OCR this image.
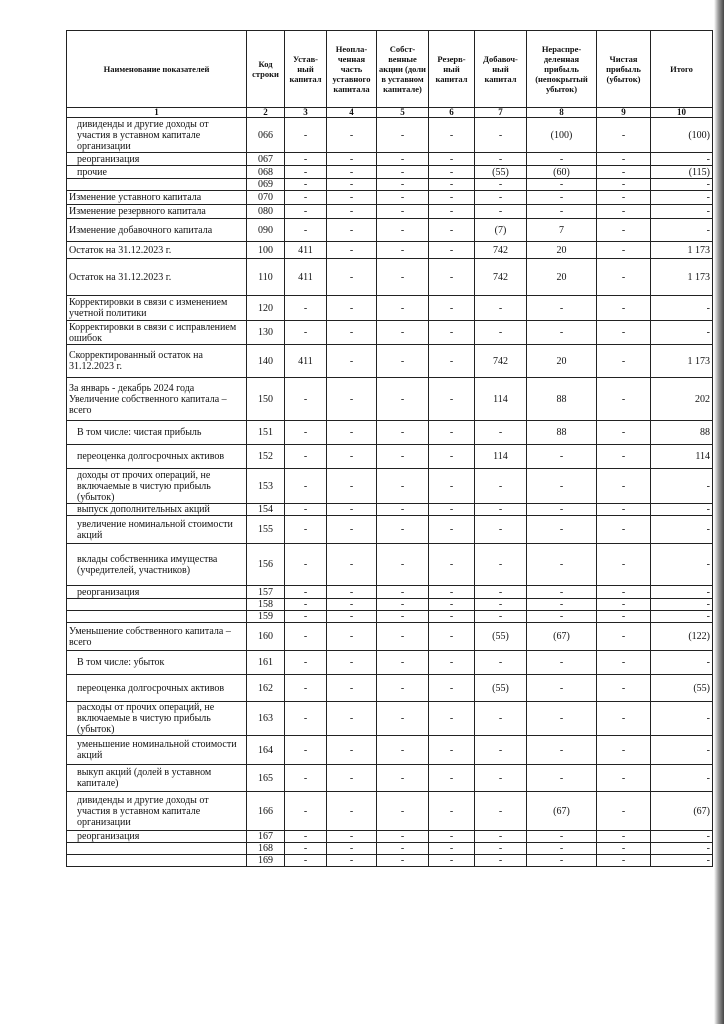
Наименование показателей	Код строки	Устав-ный капитал	Неопла-ченная часть уставного капитала	Собст-венные акции (доли в уставном капитале)	Резерв-ный капитал	Добавоч-ный капитал	Нераспре-деленная прибыль (непокрытый убыток)	Чистая прибыль (убыток)	Итого
1	2	3	4	5	6	7	8	9	10
дивиденды и другие доходы от участия в уставном капитале организации	066	-	-	-	-	-	(100)	-	(100)
реорганизация	067	-	-	-	-	-	-	-	-
прочие	068	-	-	-	-	(55)	(60)	-	(115)
	069	-	-	-	-	-	-	-	-
Изменение уставного капитала	070	-	-	-	-	-	-	-	-
Изменение резервного капитала	080	-	-	-	-	-	-	-	-
Изменение добавочного капитала	090	-	-	-	-	(7)	7	-	-
Остаток на 31.12.2023 г.	100	411	-	-	-	742	20	-	1 173
Остаток на 31.12.2023 г.	110	411	-	-	-	742	20	-	1 173
Корректировки в связи с изменением учетной политики	120	-	-	-	-	-	-	-	-
Корректировки в связи с исправлением ошибок	130	-	-	-	-	-	-	-	-
Скорректированный остаток на 31.12.2023 г.	140	411	-	-	-	742	20	-	1 173
За январь - декабрь 2024 года Увеличение собственного капитала – всего	150	-	-	-	-	114	88	-	202
В том числе: чистая прибыль	151	-	-	-	-	-	88	-	88
переоценка долгосрочных активов	152	-	-	-	-	114	-	-	114
доходы от прочих операций, не включаемые в чистую прибыль (убыток)	153	-	-	-	-	-	-	-	-
выпуск дополнительных акций	154	-	-	-	-	-	-	-	-
увеличение номинальной стоимости акций	155	-	-	-	-	-	-	-	-
вклады собственника имущества (учредителей, участников)	156	-	-	-	-	-	-	-	-
реорганизация	157	-	-	-	-	-	-	-	-
	158	-	-	-	-	-	-	-	-
	159	-	-	-	-	-	-	-	-
Уменьшение собственного капитала – всего	160	-	-	-	-	(55)	(67)	-	(122)
В том числе: убыток	161	-	-	-	-	-	-	-	-
переоценка долгосрочных активов	162	-	-	-	-	(55)	-	-	(55)
расходы от прочих операций, не включаемые в чистую прибыль (убыток)	163	-	-	-	-	-	-	-	-
уменьшение номинальной стоимости акций	164	-	-	-	-	-	-	-	-
выкуп акций (долей в уставном капитале)	165	-	-	-	-	-	-	-	-
дивиденды и другие доходы от участия в уставном капитале организации	166	-	-	-	-	-	(67)	-	(67)
реорганизация	167	-	-	-	-	-	-	-	-
	168	-	-	-	-	-	-	-	-
	169	-	-	-	-	-	-	-	-
